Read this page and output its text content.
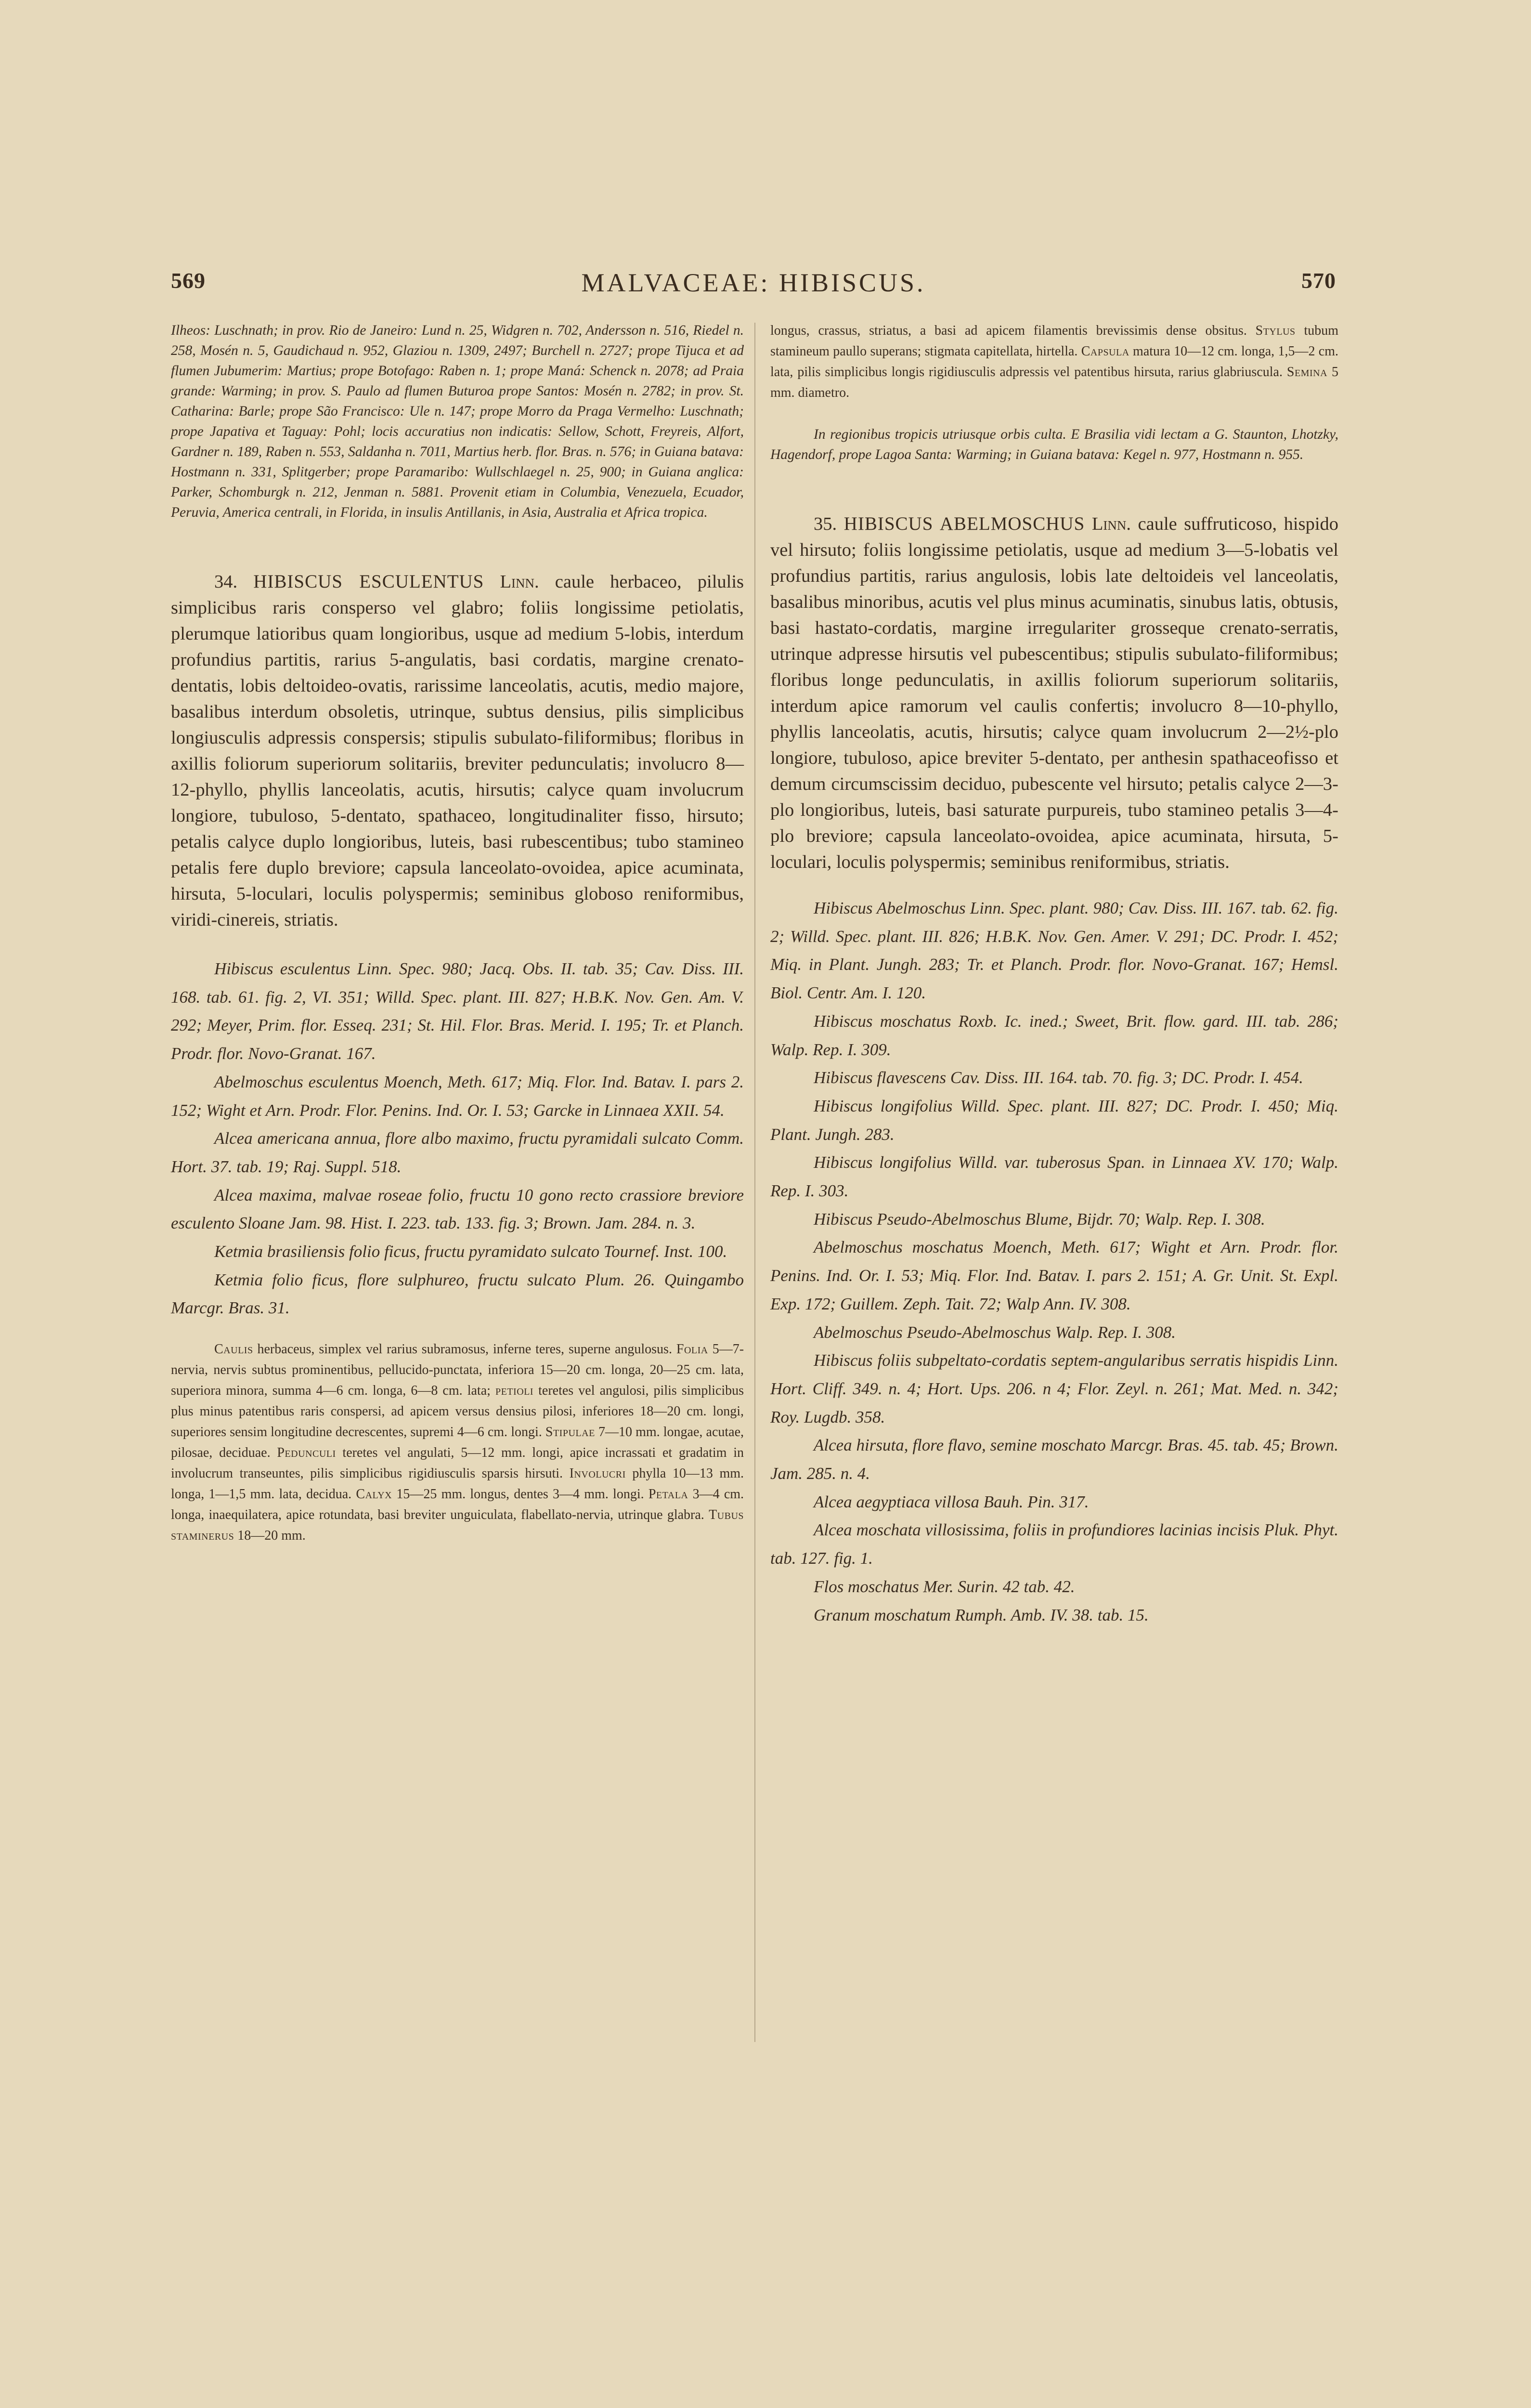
569	MALVACEAE: HIBISCUS.	570

Ilheos: Luschnath; in prov. Rio de Janeiro: Lund n. 25, Widgren n. 702, Andersson n. 516, Riedel n. 258, Mosén n. 5, Gaudichaud n. 952, Glaziou n. 1309, 2497; Burchell n. 2727; prope Tijuca et ad flumen Jubumerim: Martius; prope Botofago: Raben n. 1; prope Maná: Schenck n. 2078; ad Praia grande: Warming; in prov. S. Paulo ad flumen Buturoa prope Santos: Mosén n. 2782; in prov. St. Catharina: Barle; prope São Francisco: Ule n. 147; prope Morro da Praga Vermelho: Luschnath; prope Japativa et Taguay: Pohl; locis accuratius non indicatis: Sellow, Schott, Freyreis, Alfort, Gardner n. 189, Raben n. 553, Saldanha n. 7011, Martius herb. flor. Bras. n. 576; in Guiana batava: Hostmann n. 331, Splitgerber; prope Paramaribo: Wullschlaegel n. 25, 900; in Guiana anglica: Parker, Schomburgk n. 212, Jenman n. 5881. Provenit etiam in Columbia, Venezuela, Ecuador, Peruvia, America centrali, in Florida, in insulis Antillanis, in Asia, Australia et Africa tropica.

34. HIBISCUS ESCULENTUS Linn. caule herbaceo, pilulis simplicibus raris consperso vel glabro; foliis longissime petiolatis, plerumque latioribus quam longioribus, usque ad medium 5-lobis, interdum profundius partitis, rarius 5-angulatis, basi cordatis, margine crenato-dentatis, lobis deltoideo-ovatis, rarissime lanceolatis, acutis, medio majore, basalibus interdum obsoletis, utrinque, subtus densius, pilis simplicibus longiusculis adpressis conspersis; stipulis subulato-filiformibus; floribus in axillis foliorum superiorum solitariis, breviter pedunculatis; involucro 8—12-phyllo, phyllis lanceolatis, acutis, hirsutis; calyce quam involucrum longiore, tubuloso, 5-dentato, spathaceo, longitudinaliter fisso, hirsuto; petalis calyce duplo longioribus, luteis, basi rubescentibus; tubo stamineo petalis fere duplo breviore; capsula lanceolato-ovoidea, apice acuminata, hirsuta, 5-loculari, loculis polyspermis; seminibus globoso reniformibus, viridi-cinereis, striatis.

Hibiscus esculentus Linn. Spec. 980; Jacq. Obs. II. tab. 35; Cav. Diss. III. 168. tab. 61. fig. 2, VI. 351; Willd. Spec. plant. III. 827; H.B.K. Nov. Gen. Am. V. 292; Meyer, Prim. flor. Esseq. 231; St. Hil. Flor. Bras. Merid. I. 195; Tr. et Planch. Prodr. flor. Novo-Granat. 167.

Abelmoschus esculentus Moench, Meth. 617; Miq. Flor. Ind. Batav. I. pars 2. 152; Wight et Arn. Prodr. Flor. Penins. Ind. Or. I. 53; Garcke in Linnaea XXII. 54.

Alcea americana annua, flore albo maximo, fructu pyramidali sulcato Comm. Hort. 37. tab. 19; Raj. Suppl. 518.

Alcea maxima, malvae roseae folio, fructu 10 gono recto crassiore breviore esculento Sloane Jam. 98. Hist. I. 223. tab. 133. fig. 3; Brown. Jam. 284. n. 3.

Ketmia brasiliensis folio ficus, fructu pyramidato sulcato Tournef. Inst. 100.

Ketmia folio ficus, flore sulphureo, fructu sulcato Plum. 26. Quingambo Marcgr. Bras. 31.

Caulis herbaceus, simplex vel rarius subramosus, inferne teres, superne angulosus. Folia 5—7-nervia, nervis subtus prominentibus, pellucido-punctata, inferiora 15—20 cm. longa, 20—25 cm. lata, superiora minora, summa 4—6 cm. longa, 6—8 cm. lata; petioli teretes vel angulosi, pilis simplicibus plus minus patentibus raris conspersi, ad apicem versus densius pilosi, inferiores 18—20 cm. longi, superiores sensim longitudine decrescentes, supremi 4—6 cm. longi. Stipulae 7—10 mm. longae, acutae, pilosae, deciduae. Pedunculi teretes vel angulati, 5—12 mm. longi, apice incrassati et gradatim in involucrum transeuntes, pilis simplicibus rigidiusculis sparsis hirsuti. Involucri phylla 10—13 mm. longa, 1—1,5 mm. lata, decidua. Calyx 15—25 mm. longus, dentes 3—4 mm. longi. Petala 3—4 cm. longa, inaequilatera, apice rotundata, basi breviter unguiculata, flabellato-nervia, utrinque glabra. Tubus staminerus 18—20 mm.

longus, crassus, striatus, a basi ad apicem filamentis brevissimis dense obsitus. Stylus tubum stamineum paullo superans; stigmata capitellata, hirtella. Capsula matura 10—12 cm. longa, 1,5—2 cm. lata, pilis simplicibus longis rigidiusculis adpressis vel patentibus hirsuta, rarius glabriuscula. Semina 5 mm. diametro.

In regionibus tropicis utriusque orbis culta. E Brasilia vidi lectam a G. Staunton, Lhotzky, Hagendorf, prope Lagoa Santa: Warming; in Guiana batava: Kegel n. 977, Hostmann n. 955.

35. HIBISCUS ABELMOSCHUS Linn. caule suffruticoso, hispido vel hirsuto; foliis longissime petiolatis, usque ad medium 3—5-lobatis vel profundius partitis, rarius angulosis, lobis late deltoideis vel lanceolatis, basalibus minoribus, acutis vel plus minus acuminatis, sinubus latis, obtusis, basi hastato-cordatis, margine irregulariter grosseque crenato-serratis, utrinque adpresse hirsutis vel pubescentibus; stipulis subulato-filiformibus; floribus longe pedunculatis, in axillis foliorum superiorum solitariis, interdum apice ramorum vel caulis confertis; involucro 8—10-phyllo, phyllis lanceolatis, acutis, hirsutis; calyce quam involucrum 2—2½-plo longiore, tubuloso, apice breviter 5-dentato, per anthesin spathaceofisso et demum circumscissim deciduo, pubescente vel hirsuto; petalis calyce 2—3-plo longioribus, luteis, basi saturate purpureis, tubo stamineo petalis 3—4-plo breviore; capsula lanceolato-ovoidea, apice acuminata, hirsuta, 5-loculari, loculis polyspermis; seminibus reniformibus, striatis.

Hibiscus Abelmoschus Linn. Spec. plant. 980; Cav. Diss. III. 167. tab. 62. fig. 2; Willd. Spec. plant. III. 826; H.B.K. Nov. Gen. Amer. V. 291; DC. Prodr. I. 452; Miq. in Plant. Jungh. 283; Tr. et Planch. Prodr. flor. Novo-Granat. 167; Hemsl. Biol. Centr. Am. I. 120.

Hibiscus moschatus Roxb. Ic. ined.; Sweet, Brit. flow. gard. III. tab. 286; Walp. Rep. I. 309.

Hibiscus flavescens Cav. Diss. III. 164. tab. 70. fig. 3; DC. Prodr. I. 454.

Hibiscus longifolius Willd. Spec. plant. III. 827; DC. Prodr. I. 450; Miq. Plant. Jungh. 283.

Hibiscus longifolius Willd. var. tuberosus Span. in Linnaea XV. 170; Walp. Rep. I. 303.

Hibiscus Pseudo-Abelmoschus Blume, Bijdr. 70; Walp. Rep. I. 308.

Abelmoschus moschatus Moench, Meth. 617; Wight et Arn. Prodr. flor. Penins. Ind. Or. I. 53; Miq. Flor. Ind. Batav. I. pars 2. 151; A. Gr. Unit. St. Expl. Exp. 172; Guillem. Zeph. Tait. 72; Walp Ann. IV. 308.

Abelmoschus Pseudo-Abelmoschus Walp. Rep. I. 308.

Hibiscus foliis subpeltato-cordatis septem-angularibus serratis hispidis Linn. Hort. Cliff. 349. n. 4; Hort. Ups. 206. n 4; Flor. Zeyl. n. 261; Mat. Med. n. 342; Roy. Lugdb. 358.

Alcea hirsuta, flore flavo, semine moschato Marcgr. Bras. 45. tab. 45; Brown. Jam. 285. n. 4.

Alcea aegyptiaca villosa Bauh. Pin. 317.

Alcea moschata villosissima, foliis in profundiores lacinias incisis Pluk. Phyt. tab. 127. fig. 1.

Flos moschatus Mer. Surin. 42 tab. 42.

Granum moschatum Rumph. Amb. IV. 38. tab. 15.
